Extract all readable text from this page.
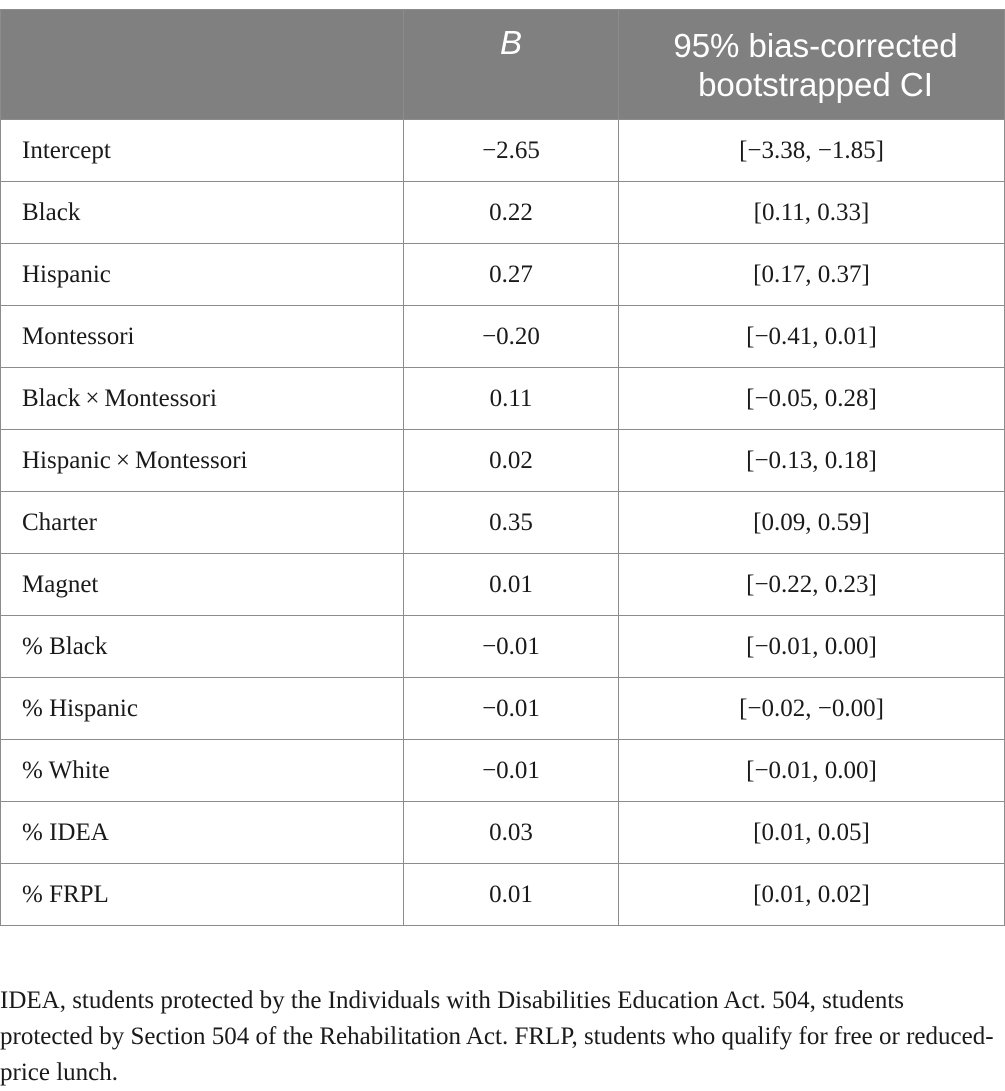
	B	95% bias-corrected bootstrapped CI
Intercept	−2.65	[−3.38, −1.85]
Black	0.22	[0.11, 0.33]
Hispanic	0.27	[0.17, 0.37]
Montessori	−0.20	[−0.41, 0.01]
Black × Montessori	0.11	[−0.05, 0.28]
Hispanic × Montessori	0.02	[−0.13, 0.18]
Charter	0.35	[0.09, 0.59]
Magnet	0.01	[−0.22, 0.23]
% Black	−0.01	[−0.01, 0.00]
% Hispanic	−0.01	[−0.02, −0.00]
% White	−0.01	[−0.01, 0.00]
% IDEA	0.03	[0.01, 0.05]
% FRPL	0.01	[0.01, 0.02]

IDEA, students protected by the Individuals with Disabilities Education Act. 504, students protected by Section 504 of the Rehabilitation Act. FRLP, students who qualify for free or reduced-price lunch.
